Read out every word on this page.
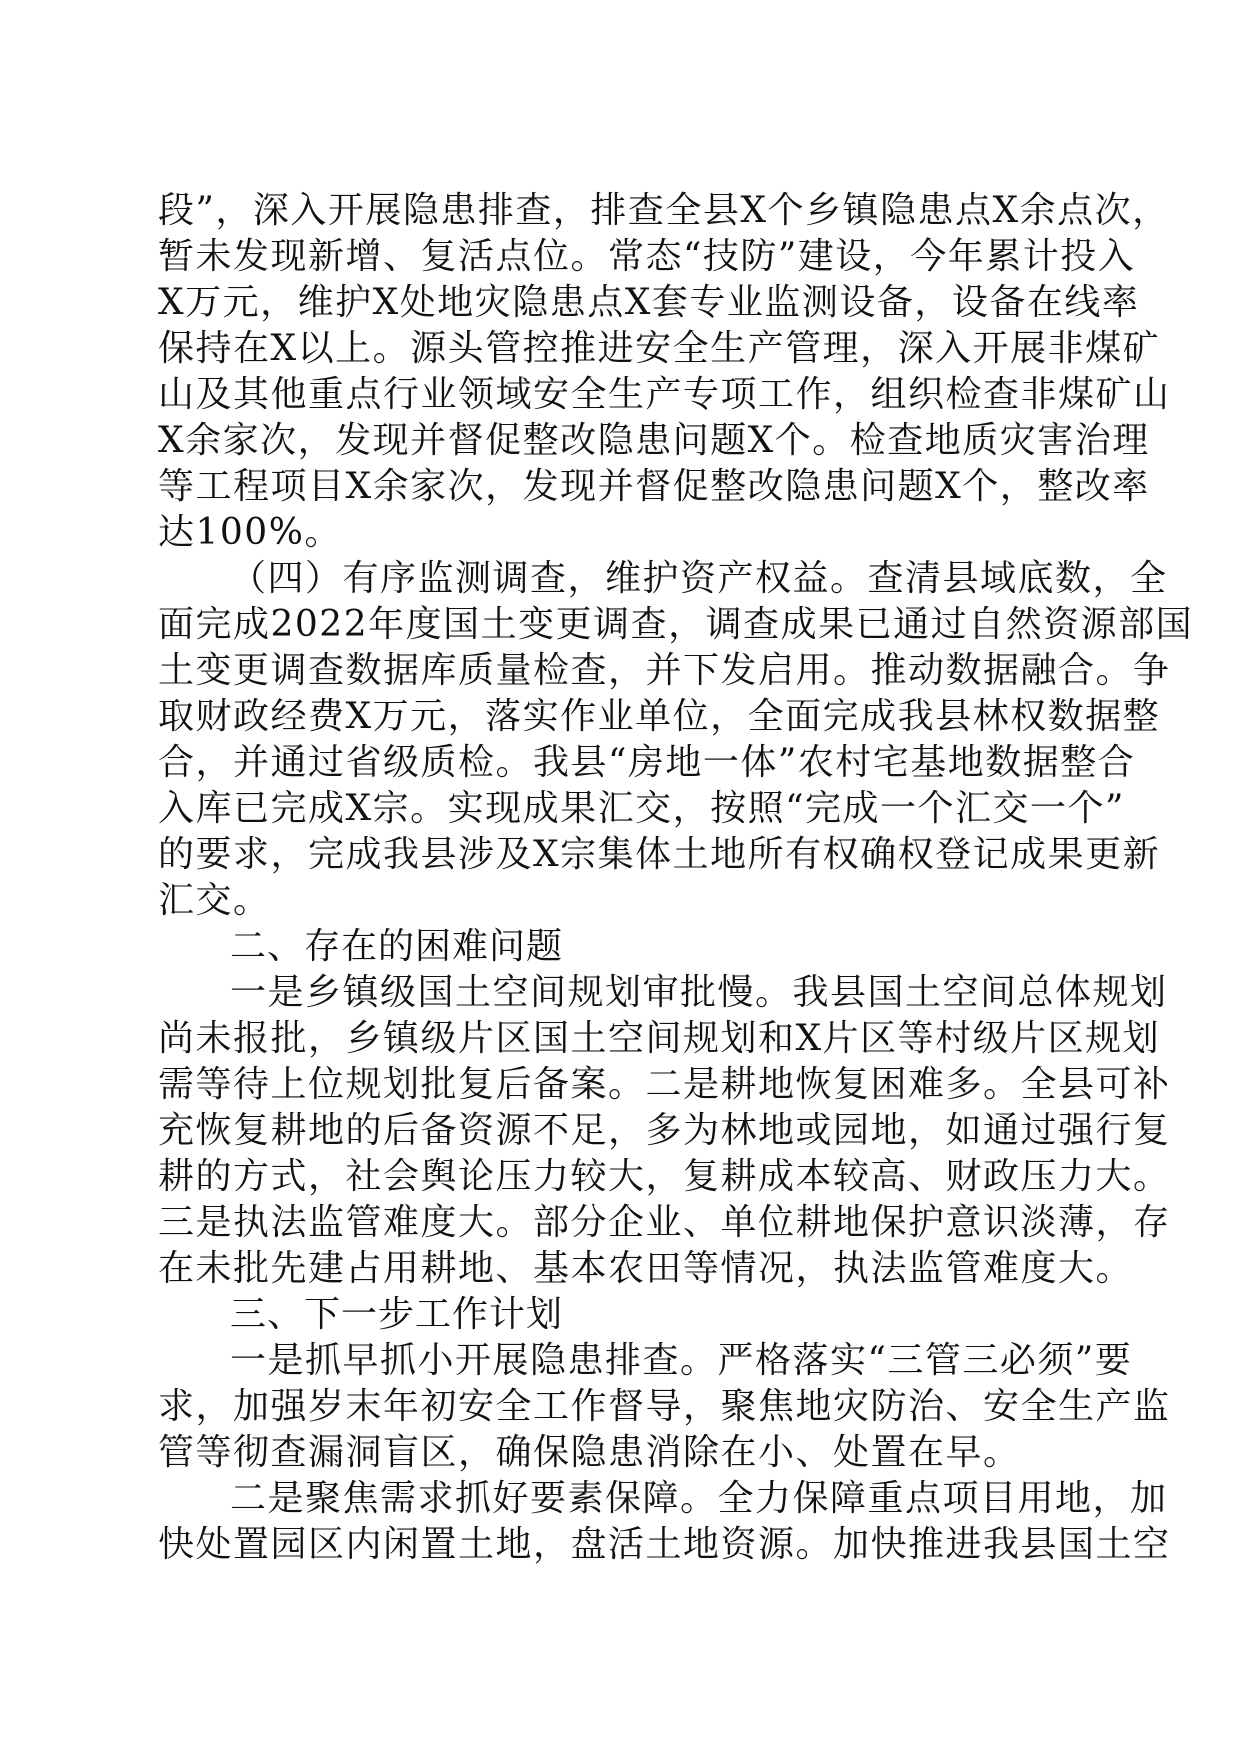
段”，深入开展隐患排查，排查全县X个乡镇隐患点X余点次，
暂未发现新增、复活点位。常态“技防”建设，今年累计投入
X万元，维护X处地灾隐患点X套专业监测设备，设备在线率
保持在X以上。源头管控推进安全生产管理，深入开展非煤矿
山及其他重点行业领域安全生产专项工作，组织检查非煤矿山
X余家次，发现并督促整改隐患问题X个。检查地质灾害治理
等工程项目X余家次，发现并督促整改隐患问题X个，整改率
达100%。
（四）有序监测调查，维护资产权益。查清县域底数，全
面完成2022年度国土变更调查，调查成果已通过自然资源部国
土变更调查数据库质量检查，并下发启用。推动数据融合。争
取财政经费X万元，落实作业单位，全面完成我县林权数据整
合，并通过省级质检。我县“房地一体”农村宅基地数据整合
入库已完成X宗。实现成果汇交，按照“完成一个汇交一个”
的要求，完成我县涉及X宗集体土地所有权确权登记成果更新
汇交。
二、存在的困难问题
一是乡镇级国土空间规划审批慢。我县国土空间总体规划
尚未报批，乡镇级片区国土空间规划和X片区等村级片区规划
需等待上位规划批复后备案。二是耕地恢复困难多。全县可补
充恢复耕地的后备资源不足，多为林地或园地，如通过强行复
耕的方式，社会舆论压力较大，复耕成本较高、财政压力大。
三是执法监管难度大。部分企业、单位耕地保护意识淡薄，存
在未批先建占用耕地、基本农田等情况，执法监管难度大。
三、下一步工作计划
一是抓早抓小开展隐患排查。严格落实“三管三必须”要
求，加强岁末年初安全工作督导，聚焦地灾防治、安全生产监
管等彻查漏洞盲区，确保隐患消除在小、处置在早。
二是聚焦需求抓好要素保障。全力保障重点项目用地，加
快处置园区内闲置土地，盘活土地资源。加快推进我县国土空
